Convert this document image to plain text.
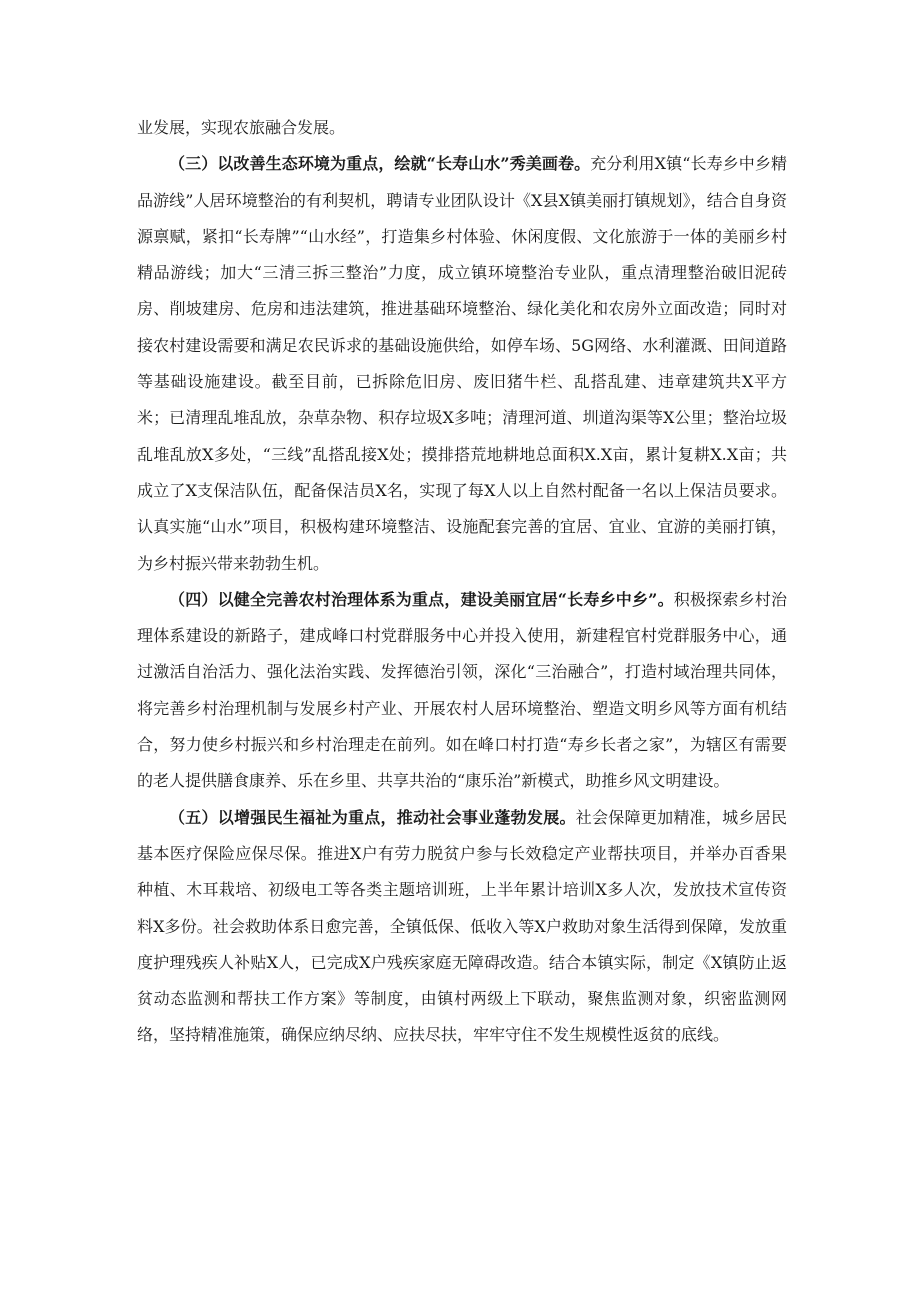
业发展，实现农旅融合发展。

（三）以改善生态环境为重点，绘就“长寿山水”秀美画卷。充分利用X镇“长寿乡中乡精品游线”人居环境整治的有利契机，聘请专业团队设计《X县X镇美丽打镇规划》，结合自身资源禀赋，紧扣“长寿牌”“山水经”，打造集乡村体验、休闲度假、文化旅游于一体的美丽乡村精品游线；加大“三清三拆三整治”力度，成立镇环境整治专业队，重点清理整治破旧泥砖房、削坡建房、危房和违法建筑，推进基础环境整治、绿化美化和农房外立面改造；同时对接农村建设需要和满足农民诉求的基础设施供给，如停车场、5G网络、水利灌溉、田间道路等基础设施建设。截至目前，已拆除危旧房、废旧猪牛栏、乱搭乱建、违章建筑共X平方米；已清理乱堆乱放，杂草杂物、积存垃圾X多吨；清理河道、圳道沟渠等X公里；整治垃圾乱堆乱放X多处，“三线”乱搭乱接X处；摸排搭荒地耕地总面积X.X亩，累计复耕X.X亩；共成立了X支保洁队伍，配备保洁员X名，实现了每X人以上自然村配备一名以上保洁员要求。认真实施“山水”项目，积极构建环境整洁、设施配套完善的宜居、宜业、宜游的美丽打镇，为乡村振兴带来勃勃生机。

（四）以健全完善农村治理体系为重点，建设美丽宜居“长寿乡中乡”。积极探索乡村治理体系建设的新路子，建成峰口村党群服务中心并投入使用，新建程官村党群服务中心，通过激活自治活力、强化法治实践、发挥德治引领，深化“三治融合”，打造村域治理共同体，将完善乡村治理机制与发展乡村产业、开展农村人居环境整治、塑造文明乡风等方面有机结合，努力使乡村振兴和乡村治理走在前列。如在峰口村打造“寿乡长者之家”，为辖区有需要的老人提供膳食康养、乐在乡里、共享共治的“康乐治”新模式，助推乡风文明建设。

（五）以增强民生福祉为重点，推动社会事业蓬勃发展。社会保障更加精准，城乡居民基本医疗保险应保尽保。推进X户有劳力脱贫户参与长效稳定产业帮扶项目，并举办百香果种植、木耳栽培、初级电工等各类主题培训班，上半年累计培训X多人次，发放技术宣传资料X多份。社会救助体系日愈完善，全镇低保、低收入等X户救助对象生活得到保障，发放重度护理残疾人补贴X人，已完成X户残疾家庭无障碍改造。结合本镇实际，制定《X镇防止返贫动态监测和帮扶工作方案》等制度，由镇村两级上下联动，聚焦监测对象，织密监测网络，坚持精准施策，确保应纳尽纳、应扶尽扶，牢牢守住不发生规模性返贫的底线。
